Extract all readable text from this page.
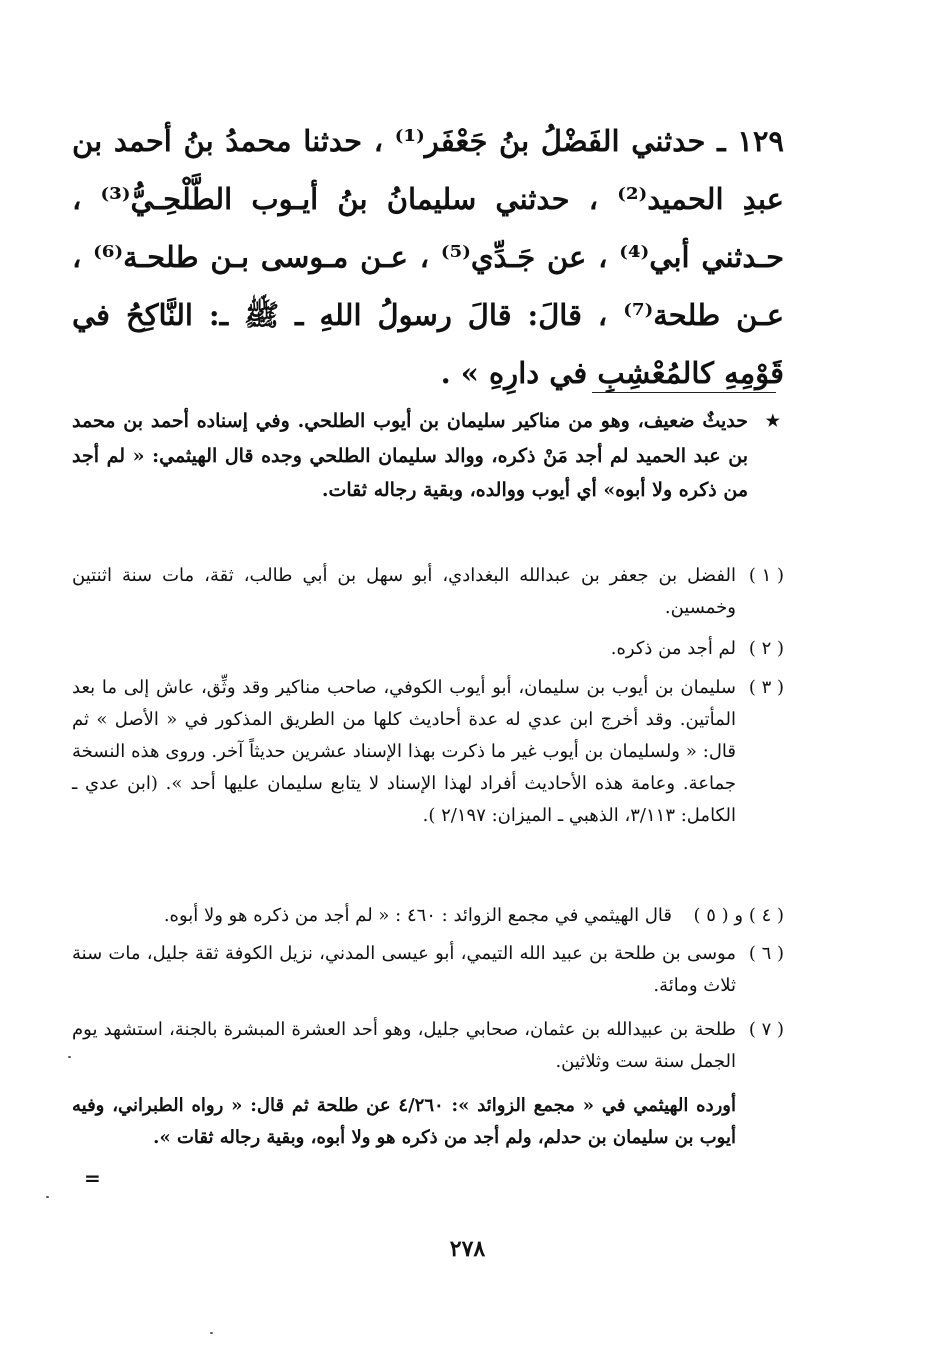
١٢٩ ـ حدثني الفَضْلُ بنُ جَعْفَر⁽¹⁾ ، حدثنا محمدُ بنُ أحمد بن عبدِ الحميد⁽²⁾ ، حدثني سليمانُ بنُ أيـوب الطَّلْحِـيُّ⁽³⁾ ، حـدثني أبي⁽⁴⁾ ، عن جَـدِّي⁽⁵⁾ ، عـن مـوسى بـن طلحـة⁽⁶⁾ ، عـن طلحة⁽⁷⁾ ، قالَ: قالَ رسولُ اللهِ ـ ﷺ ـ: النَّاكِحُ في قَوْمِهِ كالمُعْشِبِ في دارِهِ » .
★
حديثٌ ضعيف، وهو من مناكير سليمان بن أيوب الطلحي. وفي إسناده أحمد بن محمد بن عبد الحميد لم أجد مَنْ ذكره، ووالد سليمان الطلحي وجده قال الهيثمي: « لم أجد من ذكره ولا أبوه» أي أيوب ووالده، وبقية رجاله ثقات.
( ١ )
الفضل بن جعفر بن عبدالله البغدادي، أبو سهل بن أبي طالب، ثقة، مات سنة اثنتين وخمسين.
( ٢ )
لم أجد من ذكره.
( ٣ )
سليمان بن أيوب بن سليمان، أبو أيوب الكوفي، صاحب مناكير وقد وثِّق، عاش إلى ما بعد المأتين. وقد أخرج ابن عدي له عدة أحاديث كلها من الطريق المذكور في « الأصل » ثم قال: « ولسليمان بن أيوب غير ما ذكرت بهذا الإسناد عشرين حديثاً آخر. وروى هذه النسخة جماعة. وعامة هذه الأحاديث أفراد لهذا الإسناد لا يتابع سليمان عليها أحد ». (ابن عدي ـ الكامل: ٣/١١٣، الذهبي ـ الميزان: ٢/١٩٧ ).
( ٤ ) و ( ٥ )
قال الهيثمي في مجمع الزوائد : ٤٦٠ : « لم أجد من ذكره هو ولا أبوه.
( ٦ )
موسى بن طلحة بن عبيد الله التيمي، أبو عيسى المدني، نزيل الكوفة ثقة جليل، مات سنة ثلاث ومائة.
( ٧ )
طلحة بن عبيدالله بن عثمان، صحابي جليل، وهو أحد العشرة المبشرة بالجنة، استشهد يوم الجمل سنة ست وثلاثين.
أورده الهيثمي في « مجمع الزوائد »: ٤/٢٦٠ عن طلحة ثم قال: « رواه الطبراني، وفيه أيوب بن سليمان بن حدلم، ولم أجد من ذكره هو ولا أبوه، وبقية رجاله ثقات ».
=
٢٧٨
